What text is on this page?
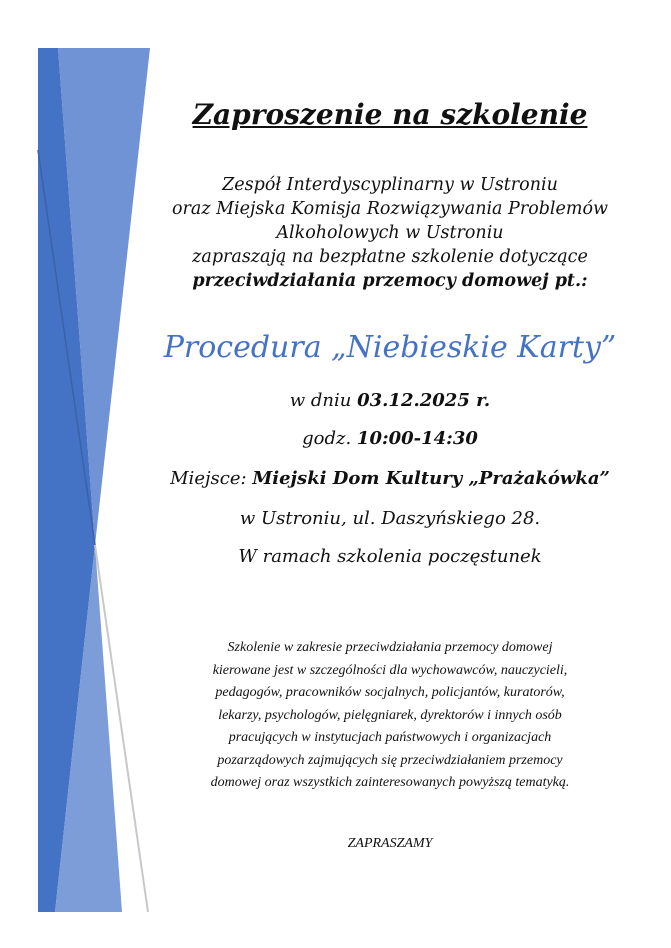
Zaproszenie na szkolenie
Zespół Interdyscyplinarny w Ustroniu
oraz Miejska Komisja Rozwiązywania Problemów
Alkoholowych w Ustroniu
zapraszają na bezpłatne szkolenie dotyczące
przeciwdziałania przemocy domowej pt.:
Procedura „Niebieskie Karty”
w dniu 03.12.2025 r.
godz. 10:00-14:30
Miejsce: Miejski Dom Kultury „Prażakówka”
w Ustroniu, ul. Daszyńskiego 28.
W ramach szkolenia poczęstunek
Szkolenie w zakresie przeciwdziałania przemocy domowej
kierowane jest w szczególności dla wychowawców, nauczycieli,
pedagogów, pracowników socjalnych, policjantów, kuratorów,
lekarzy, psychologów, pielęgniarek, dyrektorów i innych osób
pracujących w instytucjach państwowych i organizacjach
pozarządowych zajmujących się przeciwdziałaniem przemocy
domowej oraz wszystkich zainteresowanych powyższą tematyką.
ZAPRASZAMY
